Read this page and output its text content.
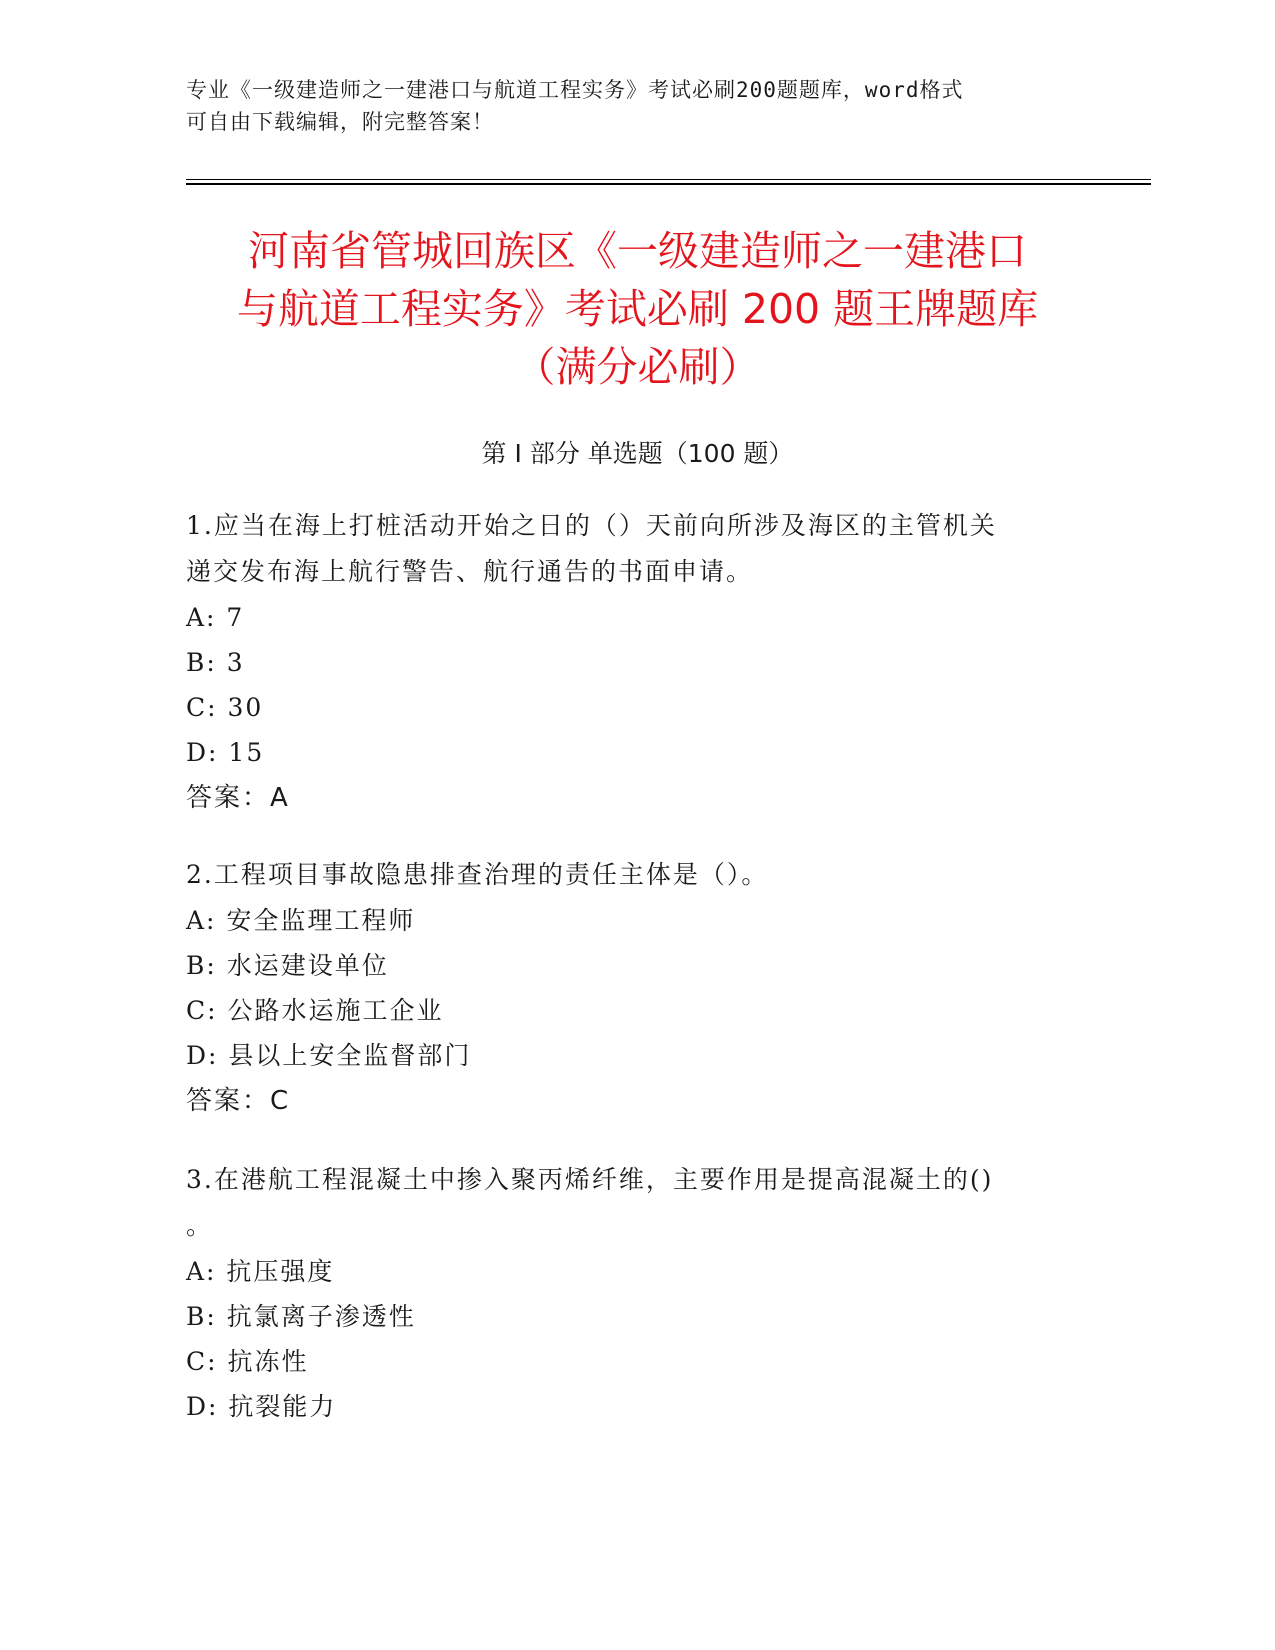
专业《一级建造师之一建港口与航道工程实务》考试必刷200题题库，word格式
可自由下载编辑，附完整答案！
河南省管城回族区《一级建造师之一建港口
与航道工程实务》考试必刷 200 题王牌题库
（满分必刷）
第 I 部分 单选题（100 题）
1.应当在海上打桩活动开始之日的（）天前向所涉及海区的主管机关
递交发布海上航行警告、航行通告的书面申请。
A: 7
B: 3
C: 30
D: 15
答案：A
2.工程项目事故隐患排查治理的责任主体是（）。
A: 安全监理工程师
B: 水运建设单位
C: 公路水运施工企业
D: 县以上安全监督部门
答案：C
3.在港航工程混凝土中掺入聚丙烯纤维，主要作用是提高混凝土的()
。
A: 抗压强度
B: 抗氯离子渗透性
C: 抗冻性
D: 抗裂能力
